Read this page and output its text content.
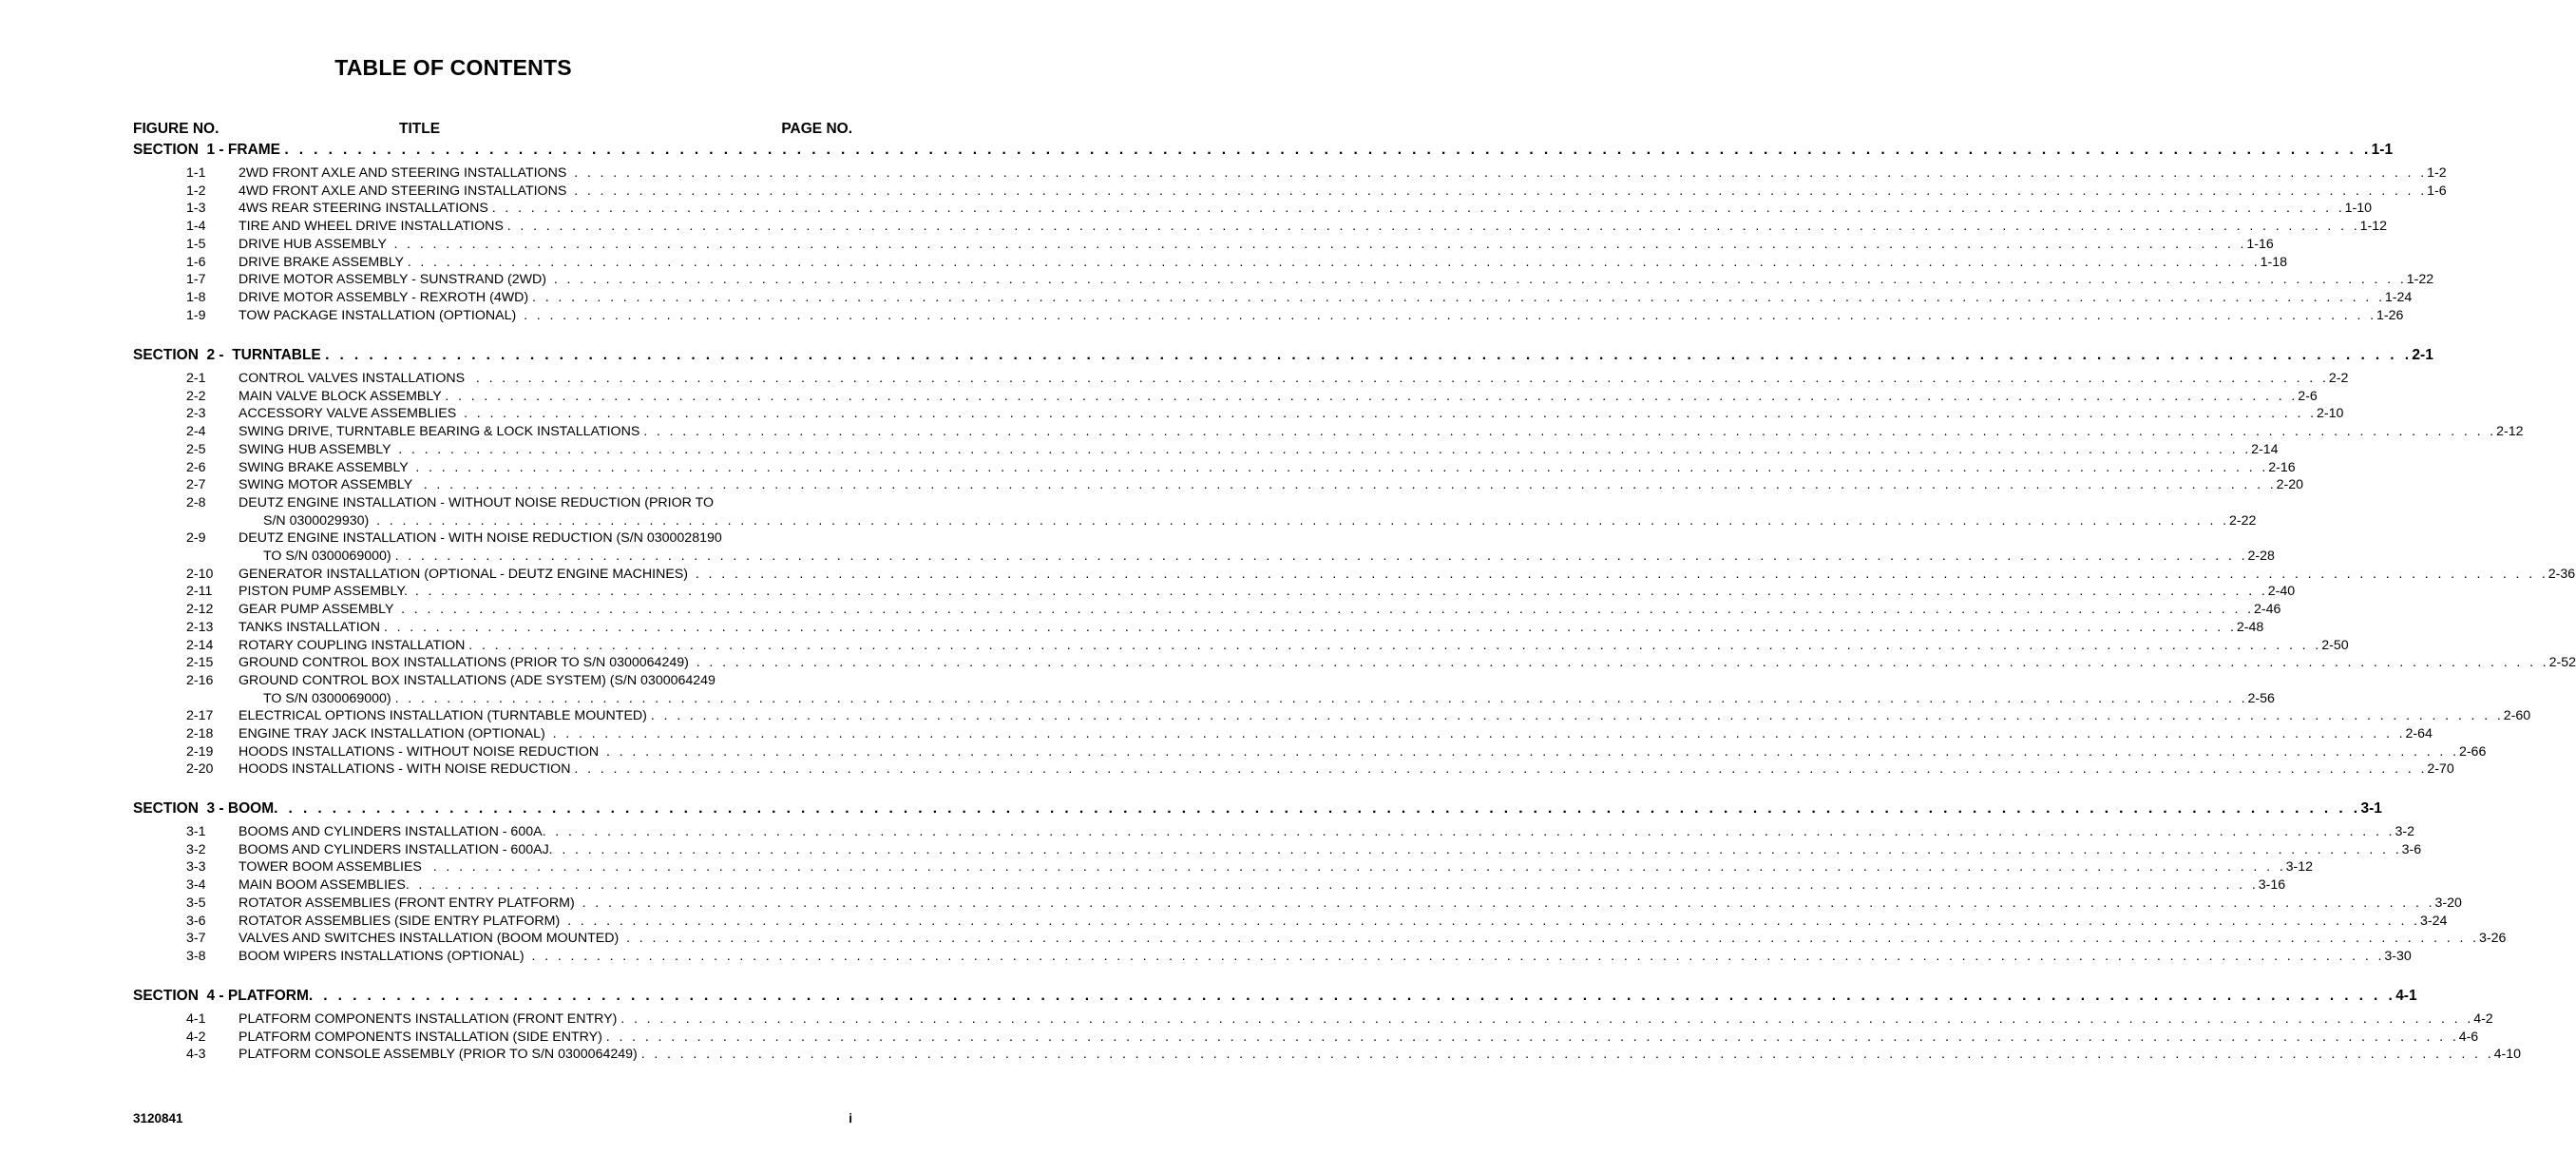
TABLE OF CONTENTS
FIGURE NO.	TITLE	PAGE NO.
SECTION  1 - FRAME . . . . . . . . . . . . . . . . . . . . . . . . . . . . . . . . . . . . . . . . . . . . . . . . . . . . . . . . . . . . . . . . . . . . . . . . . . . . . . . . . . . . . . . . . . . . . . . . . . . . . . . . . . . . . . . . . . . . . . . . . . . . . . . . . . . . . . . . . . . . . . . 1-1
1-1 2WD FRONT AXLE AND STEERING INSTALLATIONS . . . . . . . . . . . . . . . . . . . . . . . . . . . . . . . . . . . . . . . . . . . . . . . . . . . . . . . . . . . . . . . . . . . . . . . . . . . . . . . . . . . . . . . . . . . . . . . . . . . . . . . . . . . . . . . . . . . . . . . . . . . . . . . . . . . . . . . . . . . . . . . 1-2
1-2 4WD FRONT AXLE AND STEERING INSTALLATIONS . . . . . . . . . . . . . . . . . . . . . . . . . . . . . . . . . . . . . . . . . . . . . . . . . . . . . . . . . . . . . . . . . . . . . . . . . . . . . . . . . . . . . . . . . . . . . . . . . . . . . . . . . . . . . . . . . . . . . . . . . . . . . . . . . . . . . . . . . . . . . . . 1-6
1-3 4WS REAR STEERING INSTALLATIONS . . . . . . . . . . . . . . . . . . . . . . . . . . . . . . . . . . . . . . . . . . . . . . . . . . . . . . . . . . . . . . . . . . . . . . . . . . . . . . . . . . . . . . . . . . . . . . . . . . . . . . . . . . . . . . . . . . . . . . . . . . . . . . . . . . . . . . . . . . . . . . . 1-10
1-4 TIRE AND WHEEL DRIVE INSTALLATIONS . . . . . . . . . . . . . . . . . . . . . . . . . . . . . . . . . . . . . . . . . . . . . . . . . . . . . . . . . . . . . . . . . . . . . . . . . . . . . . . . . . . . . . . . . . . . . . . . . . . . . . . . . . . . . . . . . . . . . . . . . . . . . . . . . . . . . . . . . . . . . . . 1-12
1-5 DRIVE HUB ASSEMBLY . . . . . . . . . . . . . . . . . . . . . . . . . . . . . . . . . . . . . . . . . . . . . . . . . . . . . . . . . . . . . . . . . . . . . . . . . . . . . . . . . . . . . . . . . . . . . . . . . . . . . . . . . . . . . . . . . . . . . . . . . . . . . . . . . . . . . . . . . . . . . . . 1-16
1-6 DRIVE BRAKE ASSEMBLY . . . . . . . . . . . . . . . . . . . . . . . . . . . . . . . . . . . . . . . . . . . . . . . . . . . . . . . . . . . . . . . . . . . . . . . . . . . . . . . . . . . . . . . . . . . . . . . . . . . . . . . . . . . . . . . . . . . . . . . . . . . . . . . . . . . . . . . . . . . . . . . 1-18
1-7 DRIVE MOTOR ASSEMBLY - SUNSTRAND (2WD) . . . . . . . . . . . . . . . . . . . . . . . . . . . . . . . . . . . . . . . . . . . . . . . . . . . . . . . . . . . . . . . . . . . . . . . . . . . . . . . . . . . . . . . . . . . . . . . . . . . . . . . . . . . . . . . . . . . . . . . . . . . . . . . . . . . . . . . . . . . . . . . 1-22
1-8 DRIVE MOTOR ASSEMBLY - REXROTH (4WD) . . . . . . . . . . . . . . . . . . . . . . . . . . . . . . . . . . . . . . . . . . . . . . . . . . . . . . . . . . . . . . . . . . . . . . . . . . . . . . . . . . . . . . . . . . . . . . . . . . . . . . . . . . . . . . . . . . . . . . . . . . . . . . . . . . . . . . . . . . . . . . . 1-24
1-9 TOW PACKAGE INSTALLATION (OPTIONAL) . . . . . . . . . . . . . . . . . . . . . . . . . . . . . . . . . . . . . . . . . . . . . . . . . . . . . . . . . . . . . . . . . . . . . . . . . . . . . . . . . . . . . . . . . . . . . . . . . . . . . . . . . . . . . . . . . . . . . . . . . . . . . . . . . . . . . . . . . . . . . . . 1-26
SECTION  2 -  TURNTABLE . . . . . . . . . . . . . . . . . . . . . . . . . . . . . . . . . . . . . . . . . . . . . . . . . . . . . . . . . . . . . . . . . . . . . . . . . . . . . . . . . . . . . . . . . . . . . . . . . . . . . . . . . . . . . . . . . . . . . . . . . . . . . . . . . . . . . . . . . . . . . . . 2-1
2-1 CONTROL VALVES INSTALLATIONS . . . . . . . . . . . . . . . . . . . . . . . . . . . . . . . . . . . . . . . . . . . . . . . . . . . . . . . . . . . . . . . . . . . . . . . . . . . . . . . . . . . . . . . . . . . . . . . . . . . . . . . . . . . . . . . . . . . . . . . . . . . . . . . . . . . . . . . . . . . . . . . 2-2
2-2 MAIN VALVE BLOCK ASSEMBLY . . . . . . . . . . . . . . . . . . . . . . . . . . . . . . . . . . . . . . . . . . . . . . . . . . . . . . . . . . . . . . . . . . . . . . . . . . . . . . . . . . . . . . . . . . . . . . . . . . . . . . . . . . . . . . . . . . . . . . . . . . . . . . . . . . . . . . . . . . . . . . . 2-6
2-3 ACCESSORY VALVE ASSEMBLIES . . . . . . . . . . . . . . . . . . . . . . . . . . . . . . . . . . . . . . . . . . . . . . . . . . . . . . . . . . . . . . . . . . . . . . . . . . . . . . . . . . . . . . . . . . . . . . . . . . . . . . . . . . . . . . . . . . . . . . . . . . . . . . . . . . . . . . . . . . . . . . . 2-10
2-4 SWING DRIVE, TURNTABLE BEARING & LOCK INSTALLATIONS . . . . . . . . . . . . . . . . . . . . . . . . . . . . . . . . . . . . . . . . . . . . . . . . . . . . . . . . . . . . . . . . . . . . . . . . . . . . . . . . . . . . . . . . . . . . . . . . . . . . . . . . . . . . . . . . . . . . . . . . . . . . . . . . . . . . . . . . . . . . . . . 2-12
2-5 SWING HUB ASSEMBLY . . . . . . . . . . . . . . . . . . . . . . . . . . . . . . . . . . . . . . . . . . . . . . . . . . . . . . . . . . . . . . . . . . . . . . . . . . . . . . . . . . . . . . . . . . . . . . . . . . . . . . . . . . . . . . . . . . . . . . . . . . . . . . . . . . . . . . . . . . . . . . . 2-14
2-6 SWING BRAKE ASSEMBLY . . . . . . . . . . . . . . . . . . . . . . . . . . . . . . . . . . . . . . . . . . . . . . . . . . . . . . . . . . . . . . . . . . . . . . . . . . . . . . . . . . . . . . . . . . . . . . . . . . . . . . . . . . . . . . . . . . . . . . . . . . . . . . . . . . . . . . . . . . . . . . . 2-16
2-7 SWING MOTOR ASSEMBLY . . . . . . . . . . . . . . . . . . . . . . . . . . . . . . . . . . . . . . . . . . . . . . . . . . . . . . . . . . . . . . . . . . . . . . . . . . . . . . . . . . . . . . . . . . . . . . . . . . . . . . . . . . . . . . . . . . . . . . . . . . . . . . . . . . . . . . . . . . . . . . . 2-20
2-8 DEUTZ ENGINE INSTALLATION - WITHOUT NOISE REDUCTION (PRIOR TO
S/N 0300029930) . . . . . . . . . . . . . . . . . . . . . . . . . . . . . . . . . . . . . . . . . . . . . . . . . . . . . . . . . . . . . . . . . . . . . . . . . . . . . . . . . . . . . . . . . . . . . . . . . . . . . . . . . . . . . . . . . . . . . . . . . . . . . . . . . . . . . . . . . . . . . . . 2-22
2-9 DEUTZ ENGINE INSTALLATION - WITH NOISE REDUCTION (S/N 0300028190
TO S/N 0300069000) . . . . . . . . . . . . . . . . . . . . . . . . . . . . . . . . . . . . . . . . . . . . . . . . . . . . . . . . . . . . . . . . . . . . . . . . . . . . . . . . . . . . . . . . . . . . . . . . . . . . . . . . . . . . . . . . . . . . . . . . . . . . . . . . . . . . . . . . . . . . . . . 2-28
2-10 GENERATOR INSTALLATION (OPTIONAL - DEUTZ ENGINE MACHINES) . . . . . . . . . . . . . . . . . . . . . . . . . . . . . . . . . . . . . . . . . . . . . . . . . . . . . . . . . . . . . . . . . . . . . . . . . . . . . . . . . . . . . . . . . . . . . . . . . . . . . . . . . . . . . . . . . . . . . . . . . . . . . . . . . . . . . . . . . . . . . . . 2-36
2-11 PISTON PUMP ASSEMBLY. . . . . . . . . . . . . . . . . . . . . . . . . . . . . . . . . . . . . . . . . . . . . . . . . . . . . . . . . . . . . . . . . . . . . . . . . . . . . . . . . . . . . . . . . . . . . . . . . . . . . . . . . . . . . . . . . . . . . . . . . . . . . . . . . . . . . . . . . . . . . . . . 2-40
2-12 GEAR PUMP ASSEMBLY . . . . . . . . . . . . . . . . . . . . . . . . . . . . . . . . . . . . . . . . . . . . . . . . . . . . . . . . . . . . . . . . . . . . . . . . . . . . . . . . . . . . . . . . . . . . . . . . . . . . . . . . . . . . . . . . . . . . . . . . . . . . . . . . . . . . . . . . . . . . . . . 2-46
2-13 TANKS INSTALLATION . . . . . . . . . . . . . . . . . . . . . . . . . . . . . . . . . . . . . . . . . . . . . . . . . . . . . . . . . . . . . . . . . . . . . . . . . . . . . . . . . . . . . . . . . . . . . . . . . . . . . . . . . . . . . . . . . . . . . . . . . . . . . . . . . . . . . . . . . . . . . . . 2-48
2-14 ROTARY COUPLING INSTALLATION . . . . . . . . . . . . . . . . . . . . . . . . . . . . . . . . . . . . . . . . . . . . . . . . . . . . . . . . . . . . . . . . . . . . . . . . . . . . . . . . . . . . . . . . . . . . . . . . . . . . . . . . . . . . . . . . . . . . . . . . . . . . . . . . . . . . . . . . . . . . . . . 2-50
2-15 GROUND CONTROL BOX INSTALLATIONS (PRIOR TO S/N 0300064249) . . . . . . . . . . . . . . . . . . . . . . . . . . . . . . . . . . . . . . . . . . . . . . . . . . . . . . . . . . . . . . . . . . . . . . . . . . . . . . . . . . . . . . . . . . . . . . . . . . . . . . . . . . . . . . . . . . . . . . . . . . . . . . . . . . . . . . . . . . . . . . . 2-52
2-16 GROUND CONTROL BOX INSTALLATIONS (ADE SYSTEM) (S/N 0300064249
TO S/N 0300069000) . . . . . . . . . . . . . . . . . . . . . . . . . . . . . . . . . . . . . . . . . . . . . . . . . . . . . . . . . . . . . . . . . . . . . . . . . . . . . . . . . . . . . . . . . . . . . . . . . . . . . . . . . . . . . . . . . . . . . . . . . . . . . . . . . . . . . . . . . . . . . . . 2-56
2-17 ELECTRICAL OPTIONS INSTALLATION (TURNTABLE MOUNTED) . . . . . . . . . . . . . . . . . . . . . . . . . . . . . . . . . . . . . . . . . . . . . . . . . . . . . . . . . . . . . . . . . . . . . . . . . . . . . . . . . . . . . . . . . . . . . . . . . . . . . . . . . . . . . . . . . . . . . . . . . . . . . . . . . . . . . . . . . . . . . . . 2-60
2-18 ENGINE TRAY JACK INSTALLATION (OPTIONAL) . . . . . . . . . . . . . . . . . . . . . . . . . . . . . . . . . . . . . . . . . . . . . . . . . . . . . . . . . . . . . . . . . . . . . . . . . . . . . . . . . . . . . . . . . . . . . . . . . . . . . . . . . . . . . . . . . . . . . . . . . . . . . . . . . . . . . . . . . . . . . . . 2-64
2-19 HOODS INSTALLATIONS - WITHOUT NOISE REDUCTION . . . . . . . . . . . . . . . . . . . . . . . . . . . . . . . . . . . . . . . . . . . . . . . . . . . . . . . . . . . . . . . . . . . . . . . . . . . . . . . . . . . . . . . . . . . . . . . . . . . . . . . . . . . . . . . . . . . . . . . . . . . . . . . . . . . . . . . . . . . . . . . 2-66
2-20 HOODS INSTALLATIONS - WITH NOISE REDUCTION . . . . . . . . . . . . . . . . . . . . . . . . . . . . . . . . . . . . . . . . . . . . . . . . . . . . . . . . . . . . . . . . . . . . . . . . . . . . . . . . . . . . . . . . . . . . . . . . . . . . . . . . . . . . . . . . . . . . . . . . . . . . . . . . . . . . . . . . . . . . . . . 2-70
SECTION  3 - BOOM . . . . . . . . . . . . . . . . . . . . . . . . . . . . . . . . . . . . . . . . . . . . . . . . . . . . . . . . . . . . . . . . . . . . . . . . . . . . . . . . . . . . . . . . . . . . . . . . . . . . . . . . . . . . . . . . . . . . . . . . . . . . . . . . . . . . . . . . . . . . . . . 3-1
3-1 BOOMS AND CYLINDERS INSTALLATION - 600A . . . . . . . . . . . . . . . . . . . . . . . . . . . . . . . . . . . . . . . . . . . . . . . . . . . . . . . . . . . . . . . . . . . . . . . . . . . . . . . . . . . . . . . . . . . . . . . . . . . . . . . . . . . . . . . . . . . . . . . . . . . . . . . . . . . . . . . . . . . . . . . 3-2
3-2 BOOMS AND CYLINDERS INSTALLATION - 600AJ . . . . . . . . . . . . . . . . . . . . . . . . . . . . . . . . . . . . . . . . . . . . . . . . . . . . . . . . . . . . . . . . . . . . . . . . . . . . . . . . . . . . . . . . . . . . . . . . . . . . . . . . . . . . . . . . . . . . . . . . . . . . . . . . . . . . . . . . . . . . . . . 3-6
3-3 TOWER BOOM ASSEMBLIES . . . . . . . . . . . . . . . . . . . . . . . . . . . . . . . . . . . . . . . . . . . . . . . . . . . . . . . . . . . . . . . . . . . . . . . . . . . . . . . . . . . . . . . . . . . . . . . . . . . . . . . . . . . . . . . . . . . . . . . . . . . . . . . . . . . . . . . . . . . . . . . 3-12
3-4 MAIN BOOM ASSEMBLIES . . . . . . . . . . . . . . . . . . . . . . . . . . . . . . . . . . . . . . . . . . . . . . . . . . . . . . . . . . . . . . . . . . . . . . . . . . . . . . . . . . . . . . . . . . . . . . . . . . . . . . . . . . . . . . . . . . . . . . . . . . . . . . . . . . . . . . . . . . . . . . . 3-16
3-5 ROTATOR ASSEMBLIES (FRONT ENTRY PLATFORM) . . . . . . . . . . . . . . . . . . . . . . . . . . . . . . . . . . . . . . . . . . . . . . . . . . . . . . . . . . . . . . . . . . . . . . . . . . . . . . . . . . . . . . . . . . . . . . . . . . . . . . . . . . . . . . . . . . . . . . . . . . . . . . . . . . . . . . . . . . . . . . . 3-20
3-6 ROTATOR ASSEMBLIES (SIDE ENTRY PLATFORM) . . . . . . . . . . . . . . . . . . . . . . . . . . . . . . . . . . . . . . . . . . . . . . . . . . . . . . . . . . . . . . . . . . . . . . . . . . . . . . . . . . . . . . . . . . . . . . . . . . . . . . . . . . . . . . . . . . . . . . . . . . . . . . . . . . . . . . . . . . . . . . . 3-24
3-7 VALVES AND SWITCHES INSTALLATION (BOOM MOUNTED) . . . . . . . . . . . . . . . . . . . . . . . . . . . . . . . . . . . . . . . . . . . . . . . . . . . . . . . . . . . . . . . . . . . . . . . . . . . . . . . . . . . . . . . . . . . . . . . . . . . . . . . . . . . . . . . . . . . . . . . . . . . . . . . . . . . . . . . . . . . . . . . 3-26
3-8 BOOM WIPERS INSTALLATIONS (OPTIONAL) . . . . . . . . . . . . . . . . . . . . . . . . . . . . . . . . . . . . . . . . . . . . . . . . . . . . . . . . . . . . . . . . . . . . . . . . . . . . . . . . . . . . . . . . . . . . . . . . . . . . . . . . . . . . . . . . . . . . . . . . . . . . . . . . . . . . . . . . . . . . . . . 3-30
SECTION  4 - PLATFORM . . . . . . . . . . . . . . . . . . . . . . . . . . . . . . . . . . . . . . . . . . . . . . . . . . . . . . . . . . . . . . . . . . . . . . . . . . . . . . . . . . . . . . . . . . . . . . . . . . . . . . . . . . . . . . . . . . . . . . . . . . . . . . . . . . . . . . . . . . . . . . . 4-1
4-1 PLATFORM COMPONENTS INSTALLATION (FRONT ENTRY) . . . . . . . . . . . . . . . . . . . . . . . . . . . . . . . . . . . . . . . . . . . . . . . . . . . . . . . . . . . . . . . . . . . . . . . . . . . . . . . . . . . . . . . . . . . . . . . . . . . . . . . . . . . . . . . . . . . . . . . . . . . . . . . . . . . . . . . . . . . . . . . 4-2
4-2 PLATFORM COMPONENTS INSTALLATION (SIDE ENTRY) . . . . . . . . . . . . . . . . . . . . . . . . . . . . . . . . . . . . . . . . . . . . . . . . . . . . . . . . . . . . . . . . . . . . . . . . . . . . . . . . . . . . . . . . . . . . . . . . . . . . . . . . . . . . . . . . . . . . . . . . . . . . . . . . . . . . . . . . . . . . . . . 4-6
4-3 PLATFORM CONSOLE ASSEMBLY (PRIOR TO S/N 0300064249) . . . . . . . . . . . . . . . . . . . . . . . . . . . . . . . . . . . . . . . . . . . . . . . . . . . . . . . . . . . . . . . . . . . . . . . . . . . . . . . . . . . . . . . . . . . . . . . . . . . . . . . . . . . . . . . . . . . . . . . . . . . . . . . . . . . . . . . . . . . . . . . 4-10
3120841	i
